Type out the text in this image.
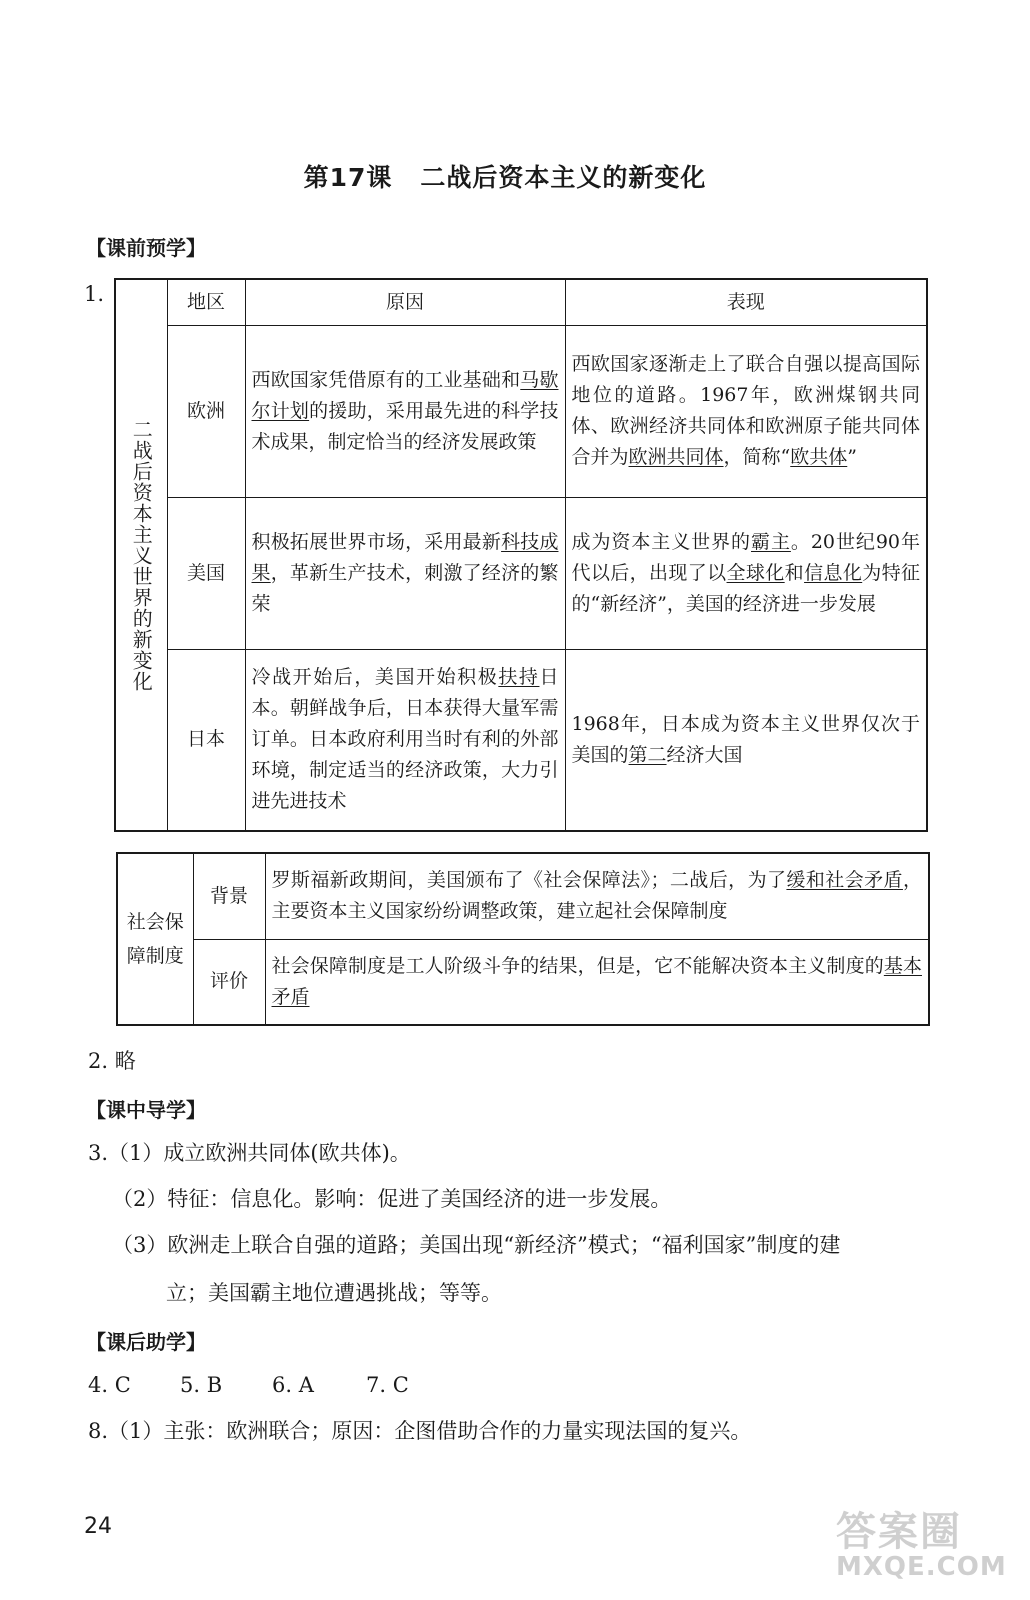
第17课 二战后资本主义的新变化
【课前预学】
1.
二战后资本主义世界的新变化	地区	原因	表现
	欧洲	西欧国家凭借原有的工业基础和马歇尔计划的援助，采用最先进的科学技术成果，制定恰当的经济发展政策	西欧国家逐渐走上了联合自强以提高国际地位的道路。1967年，欧洲煤钢共同体、欧洲经济共同体和欧洲原子能共同体合并为欧洲共同体，简称“欧共体”
	美国	积极拓展世界市场，采用最新科技成果，革新生产技术，刺激了经济的繁荣	成为资本主义世界的霸主。20世纪90年代以后，出现了以全球化和信息化为特征的“新经济”，美国的经济进一步发展
	日本	冷战开始后，美国开始积极扶持日本。朝鲜战争后，日本获得大量军需订单。日本政府利用当时有利的外部环境，制定适当的经济政策，大力引进先进技术	1968年，日本成为资本主义世界仅次于美国的第二经济大国
社会保障制度	背景	罗斯福新政期间，美国颁布了《社会保障法》；二战后，为了缓和社会矛盾，主要资本主义国家纷纷调整政策，建立起社会保障制度
	评价	社会保障制度是工人阶级斗争的结果，但是，它不能解决资本主义制度的基本矛盾
2. 略
【课中导学】
3.（1）成立欧洲共同体(欧共体)。
（2）特征：信息化。影响：促进了美国经济的进一步发展。
（3）欧洲走上联合自强的道路；美国出现“新经济”模式；“福利国家”制度的建
立；美国霸主地位遭遇挑战；等等。
【课后助学】
4. C 5. B 6. A 7. C
8.（1）主张：欧洲联合；原因：企图借助合作的力量实现法国的复兴。
24	答案圈
MXQE.COM
